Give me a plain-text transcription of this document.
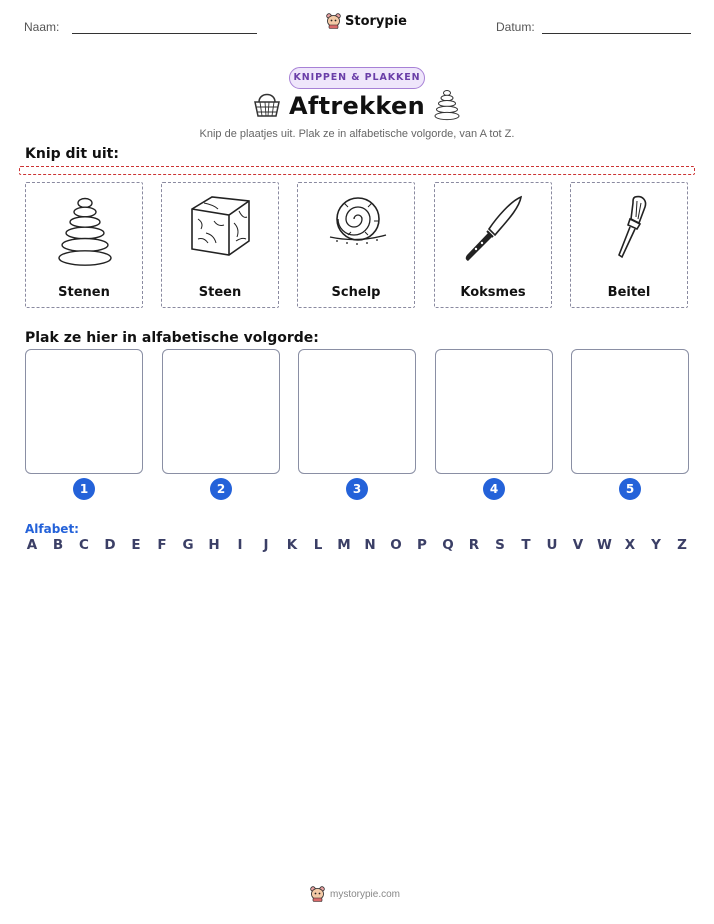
Naam:	Storypie	Datum:
KNIPPEN & PLAKKEN
Aftrekken
Knip de plaatjes uit. Plak ze in alfabetische volgorde, van A tot Z.
Knip dit uit:
Stenen	Steen	Schelp	Koksmes	Beitel
Plak ze hier in alfabetische volgorde:
1	2	3	4	5
Alfabet:
A B C D E F G H	I	J	K L M N O P Q R S T U V W X Y Z
mystorypie.com
